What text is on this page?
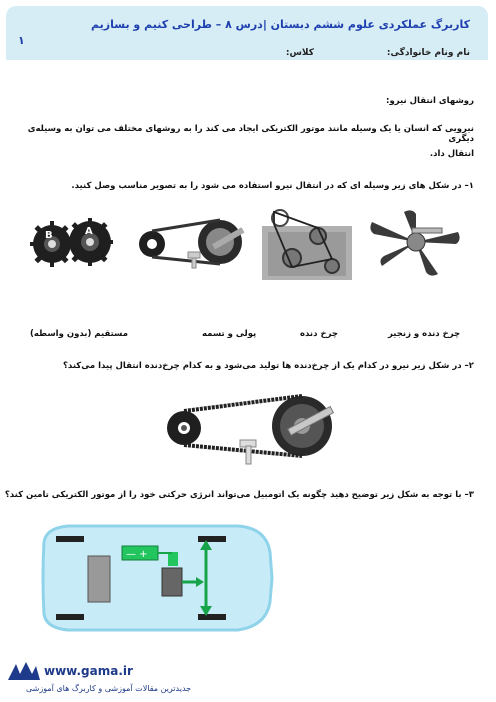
کاربرگ عملکردی علوم ششم دبستان |درس ۸ – طراحی کنیم و بسازیم
۱
نام ونام خانوادگی:
کلاس:
روشهای انتقال نیرو:
نیرویی که انسان یا یک وسیله مانند موتور الکتریکی ایجاد می کند را به روشهای مختلف می توان به وسیله‌ی دیگری
انتقال داد.
۱– در شکل های زیر وسیله ای که در انتقال نیرو استفاده می شود را به تصویر مناسب وصل کنید.
B	A
مستقیم (بدون واسطه)	پولی و تسمه	چرخ دنده	چرخ دنده و زنجیر
۲– در شکل زیر نیرو در کدام یک از چرخ‌دنده ها تولید می‌شود و به کدام چرخ‌دنده انتقال پیدا می‌کند؟
۳– با توجه به شکل زیر توضیح دهید چگونه یک اتومبیل می‌تواند انرژی حرکتی خود را از موتور الکتریکی تامین کند؟
— +
www.gama.ir
جدیدترین مقالات آموزشی و کاربرگ های آموزشی
